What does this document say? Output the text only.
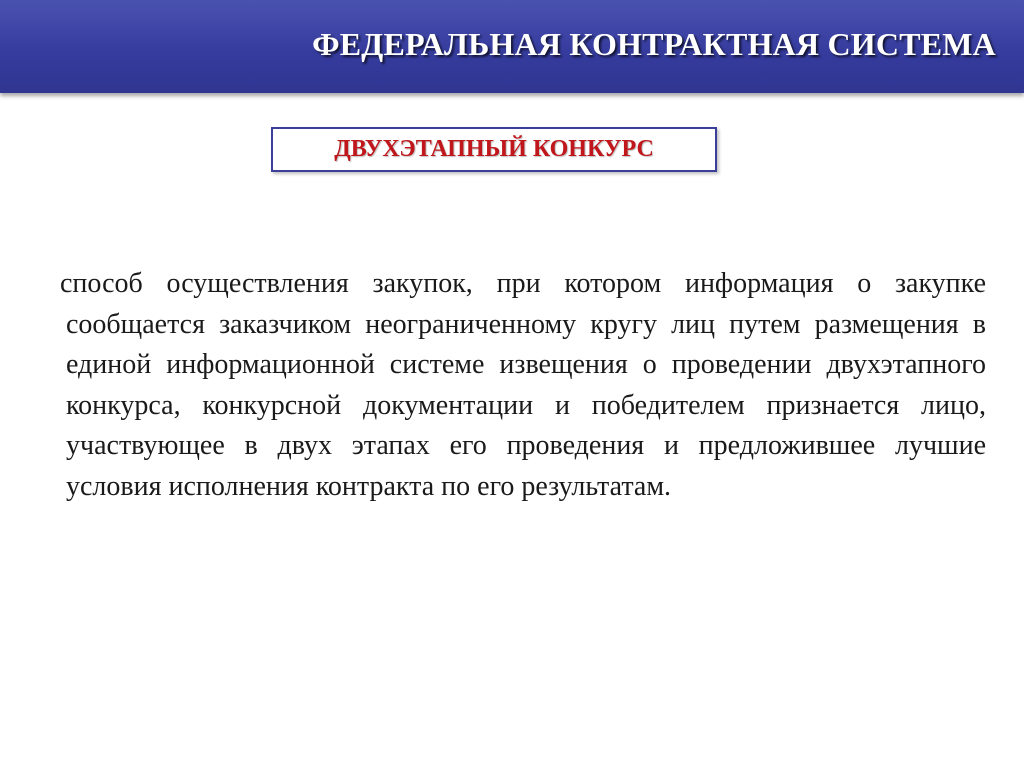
ФЕДЕРАЛЬНАЯ КОНТРАКТНАЯ СИСТЕМА
ДВУХЭТАПНЫЙ КОНКУРС

способ осуществления закупок, при котором информация о закупке сообщается заказчиком неограниченному кругу лиц путем размещения в единой информационной системе извещения о проведении двухэтапного конкурса, конкурсной документации и победителем признается лицо, участвующее в двух этапах его проведения и предложившее лучшие условия исполнения контракта по его результатам.
